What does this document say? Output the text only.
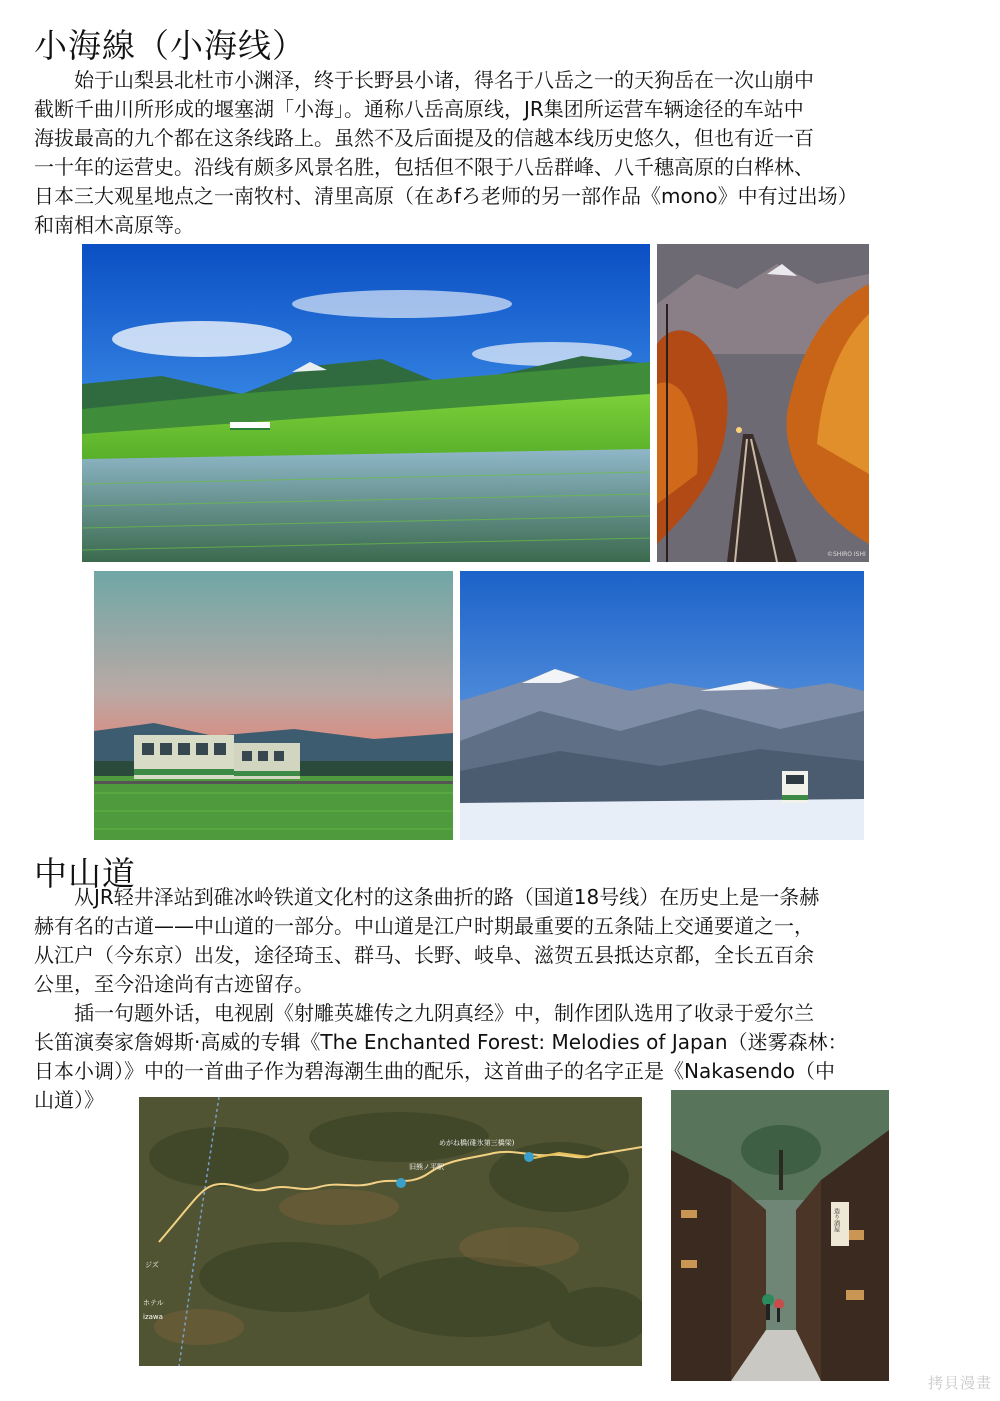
小海線（小海线）
始于山梨县北杜市小渊泽，终于长野县小诸，得名于八岳之一的天狗岳在一次山崩中
截断千曲川所形成的堰塞湖「小海」。通称八岳高原线，JR集团所运营车辆途径的车站中
海拔最高的九个都在这条线路上。虽然不及后面提及的信越本线历史悠久，但也有近一百
一十年的运营史。沿线有颇多风景名胜，包括但不限于八岳群峰、八千穗高原的白桦林、
日本三大观星地点之一南牧村、清里高原（在あfろ老师的另一部作品《mono》中有过出场）
和南相木高原等。
©SHIRO ISHI
中山道
从JR轻井泽站到碓冰岭铁道文化村的这条曲折的路（国道18号线）在历史上是一条赫
赫有名的古道——中山道的一部分。中山道是江户时期最重要的五条陆上交通要道之一，
从江户（今东京）出发，途径琦玉、群马、长野、岐阜、滋贺五县抵达京都，全长五百余
公里，至今沿途尚有古迹留存。
插一句题外话，电视剧《射雕英雄传之九阴真经》中，制作团队选用了收录于爱尔兰
长笛演奏家詹姆斯·高威的专辑《The Enchanted Forest: Melodies of Japan（迷雾森林：
日本小调）》中的一首曲子作为碧海潮生曲的配乐，这首曲子的名字正是《Nakasendo（中
山道）》
めがね橋(碓氷第三橋梁)
旧熊ノ平駅
ホテル
izawa
ジズ
造り酒屋
拷貝漫畫
